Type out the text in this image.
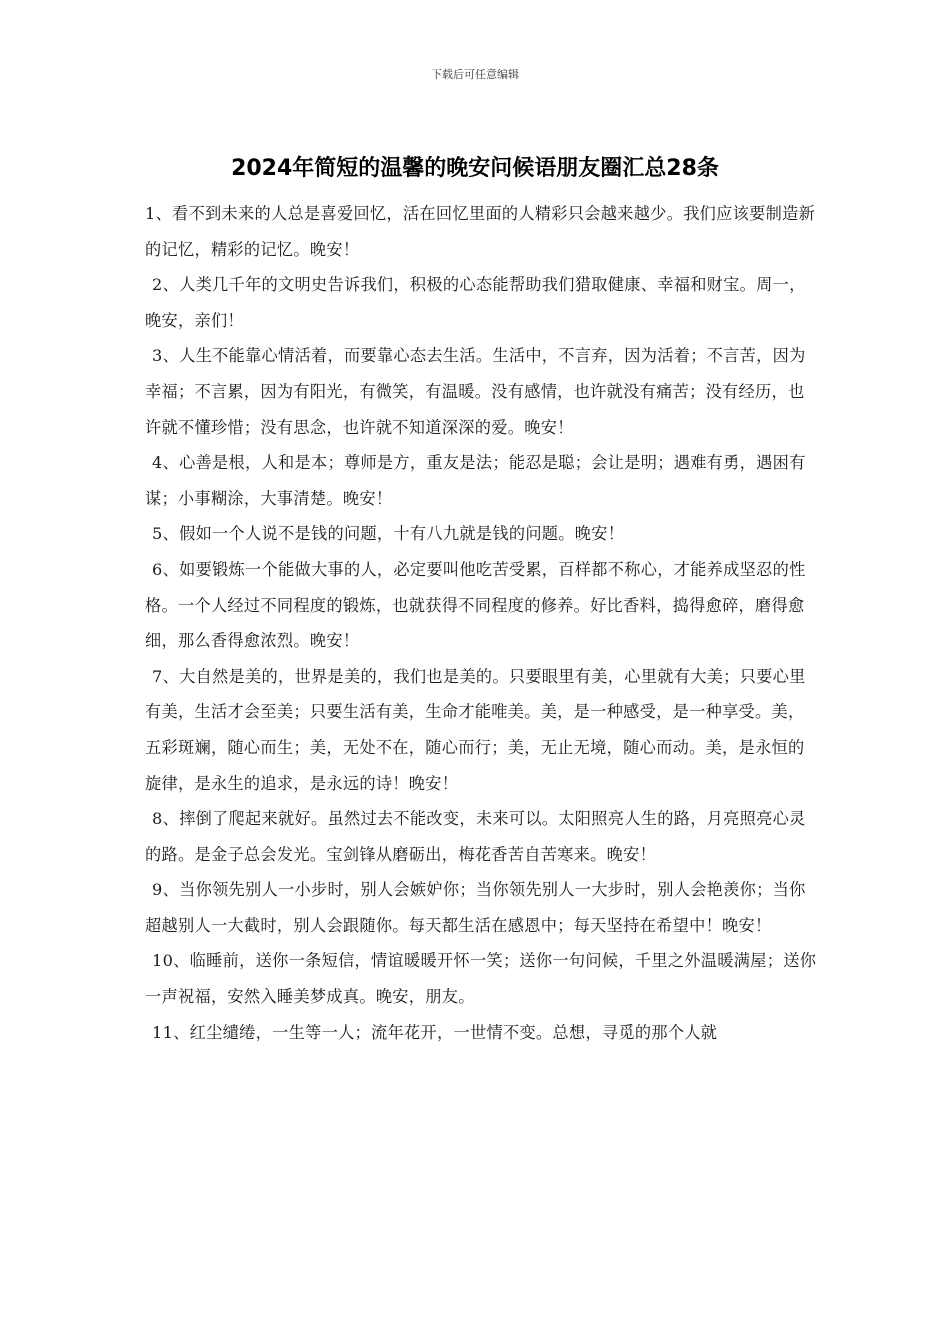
下载后可任意编辑
2024年简短的温馨的晚安问候语朋友圈汇总28条

1、看不到未来的人总是喜爱回忆，活在回忆里面的人精彩只会越来越少。我们应该要制造新的记忆，精彩的记忆。晚安！

2、人类几千年的文明史告诉我们，积极的心态能帮助我们猎取健康、幸福和财宝。周一，晚安，亲们！

3、人生不能靠心情活着，而要靠心态去生活。生活中，不言弃，因为活着；不言苦，因为幸福；不言累，因为有阳光，有微笑，有温暖。没有感情，也许就没有痛苦；没有经历，也许就不懂珍惜；没有思念，也许就不知道深深的爱。晚安！

4、心善是根，人和是本；尊师是方，重友是法；能忍是聪；会让是明；遇难有勇，遇困有谋；小事糊涂，大事清楚。晚安！

5、假如一个人说不是钱的问题，十有八九就是钱的问题。晚安！

6、如要锻炼一个能做大事的人，必定要叫他吃苦受累，百样都不称心，才能养成坚忍的性格。一个人经过不同程度的锻炼，也就获得不同程度的修养。好比香料，捣得愈碎，磨得愈细，那么香得愈浓烈。晚安！

7、大自然是美的，世界是美的，我们也是美的。只要眼里有美，心里就有大美；只要心里有美，生活才会至美；只要生活有美，生命才能唯美。美，是一种感受，是一种享受。美，五彩斑斓，随心而生；美，无处不在，随心而行；美，无止无境，随心而动。美，是永恒的旋律，是永生的追求，是永远的诗！晚安！

8、摔倒了爬起来就好。虽然过去不能改变，未来可以。太阳照亮人生的路，月亮照亮心灵的路。是金子总会发光。宝剑锋从磨砺出，梅花香苦自苦寒来。晚安！

9、当你领先别人一小步时，别人会嫉妒你；当你领先别人一大步时，别人会艳羡你；当你超越别人一大截时，别人会跟随你。每天都生活在感恩中；每天坚持在希望中！晚安！

10、临睡前，送你一条短信，情谊暖暖开怀一笑；送你一句问候，千里之外温暖满屋；送你一声祝福，安然入睡美梦成真。晚安，朋友。

11、红尘缱绻，一生等一人；流年花开，一世情不变。总想，寻觅的那个人就
